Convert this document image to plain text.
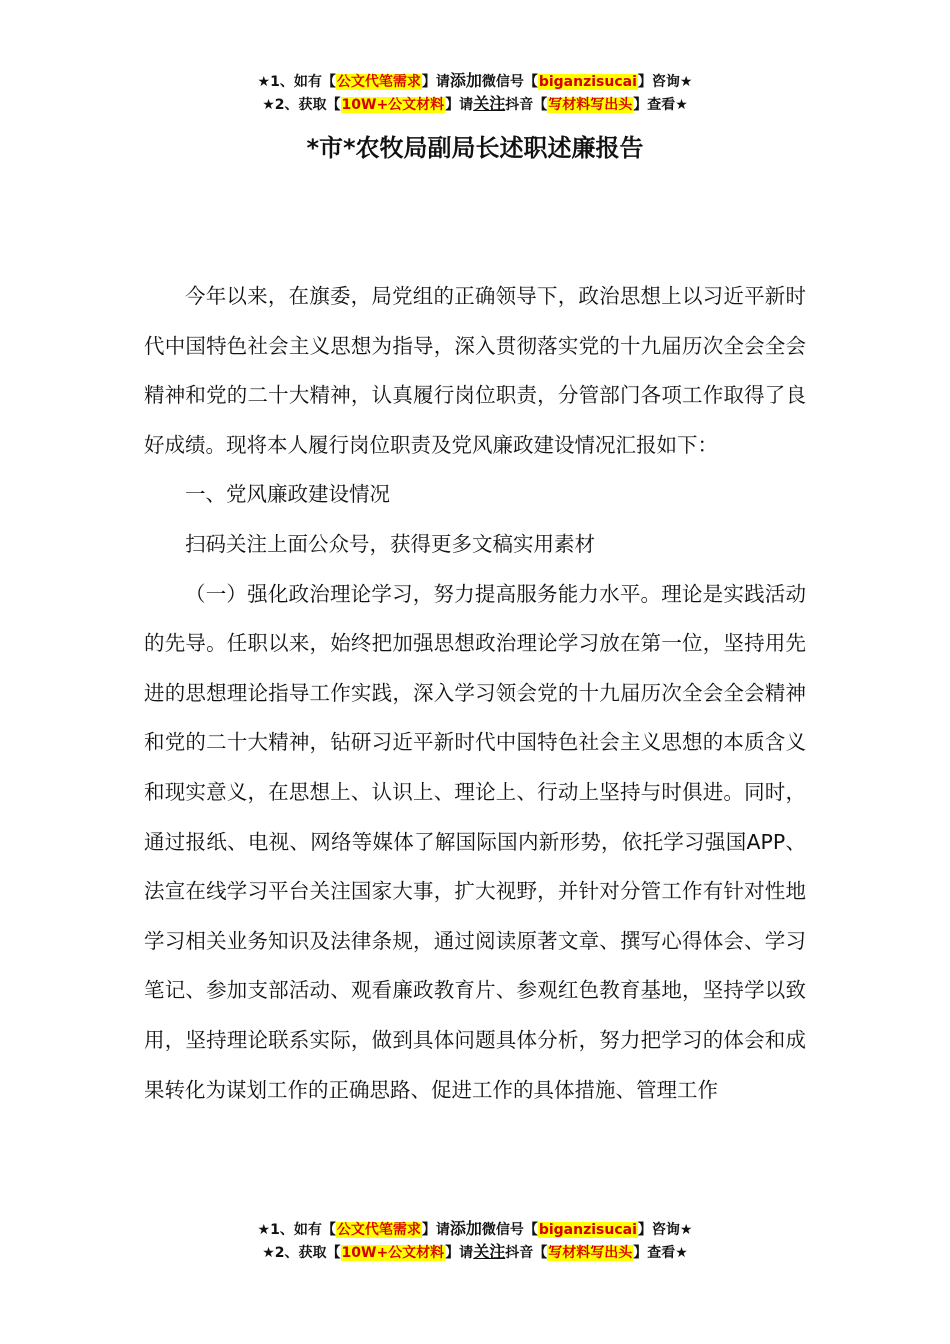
★1、如有【公文代笔需求】请添加微信号【biganzisucai】咨询★
★2、获取【10W+公文材料】请关注抖音【写材料写出头】查看★
*市*农牧局副局长述职述廉报告

今年以来，在旗委，局党组的正确领导下，政治思想上以习近平新时代中国特色社会主义思想为指导，深入贯彻落实党的十九届历次全会全会精神和党的二十大精神，认真履行岗位职责，分管部门各项工作取得了良好成绩。现将本人履行岗位职责及党风廉政建设情况汇报如下：

一、党风廉政建设情况

扫码关注上面公众号，获得更多文稿实用素材

（一）强化政治理论学习，努力提高服务能力水平。理论是实践活动的先导。任职以来，始终把加强思想政治理论学习放在第一位，坚持用先进的思想理论指导工作实践，深入学习领会党的十九届历次全会全会精神和党的二十大精神，钻研习近平新时代中国特色社会主义思想的本质含义和现实意义，在思想上、认识上、理论上、行动上坚持与时俱进。同时，通过报纸、电视、网络等媒体了解国际国内新形势，依托学习强国APP、法宣在线学习平台关注国家大事，扩大视野，并针对分管工作有针对性地学习相关业务知识及法律条规，通过阅读原著文章、撰写心得体会、学习笔记、参加支部活动、观看廉政教育片、参观红色教育基地，坚持学以致用，坚持理论联系实际，做到具体问题具体分析，努力把学习的体会和成果转化为谋划工作的正确思路、促进工作的具体措施、管理工作

★1、如有【公文代笔需求】请添加微信号【biganzisucai】咨询★
★2、获取【10W+公文材料】请关注抖音【写材料写出头】查看★
